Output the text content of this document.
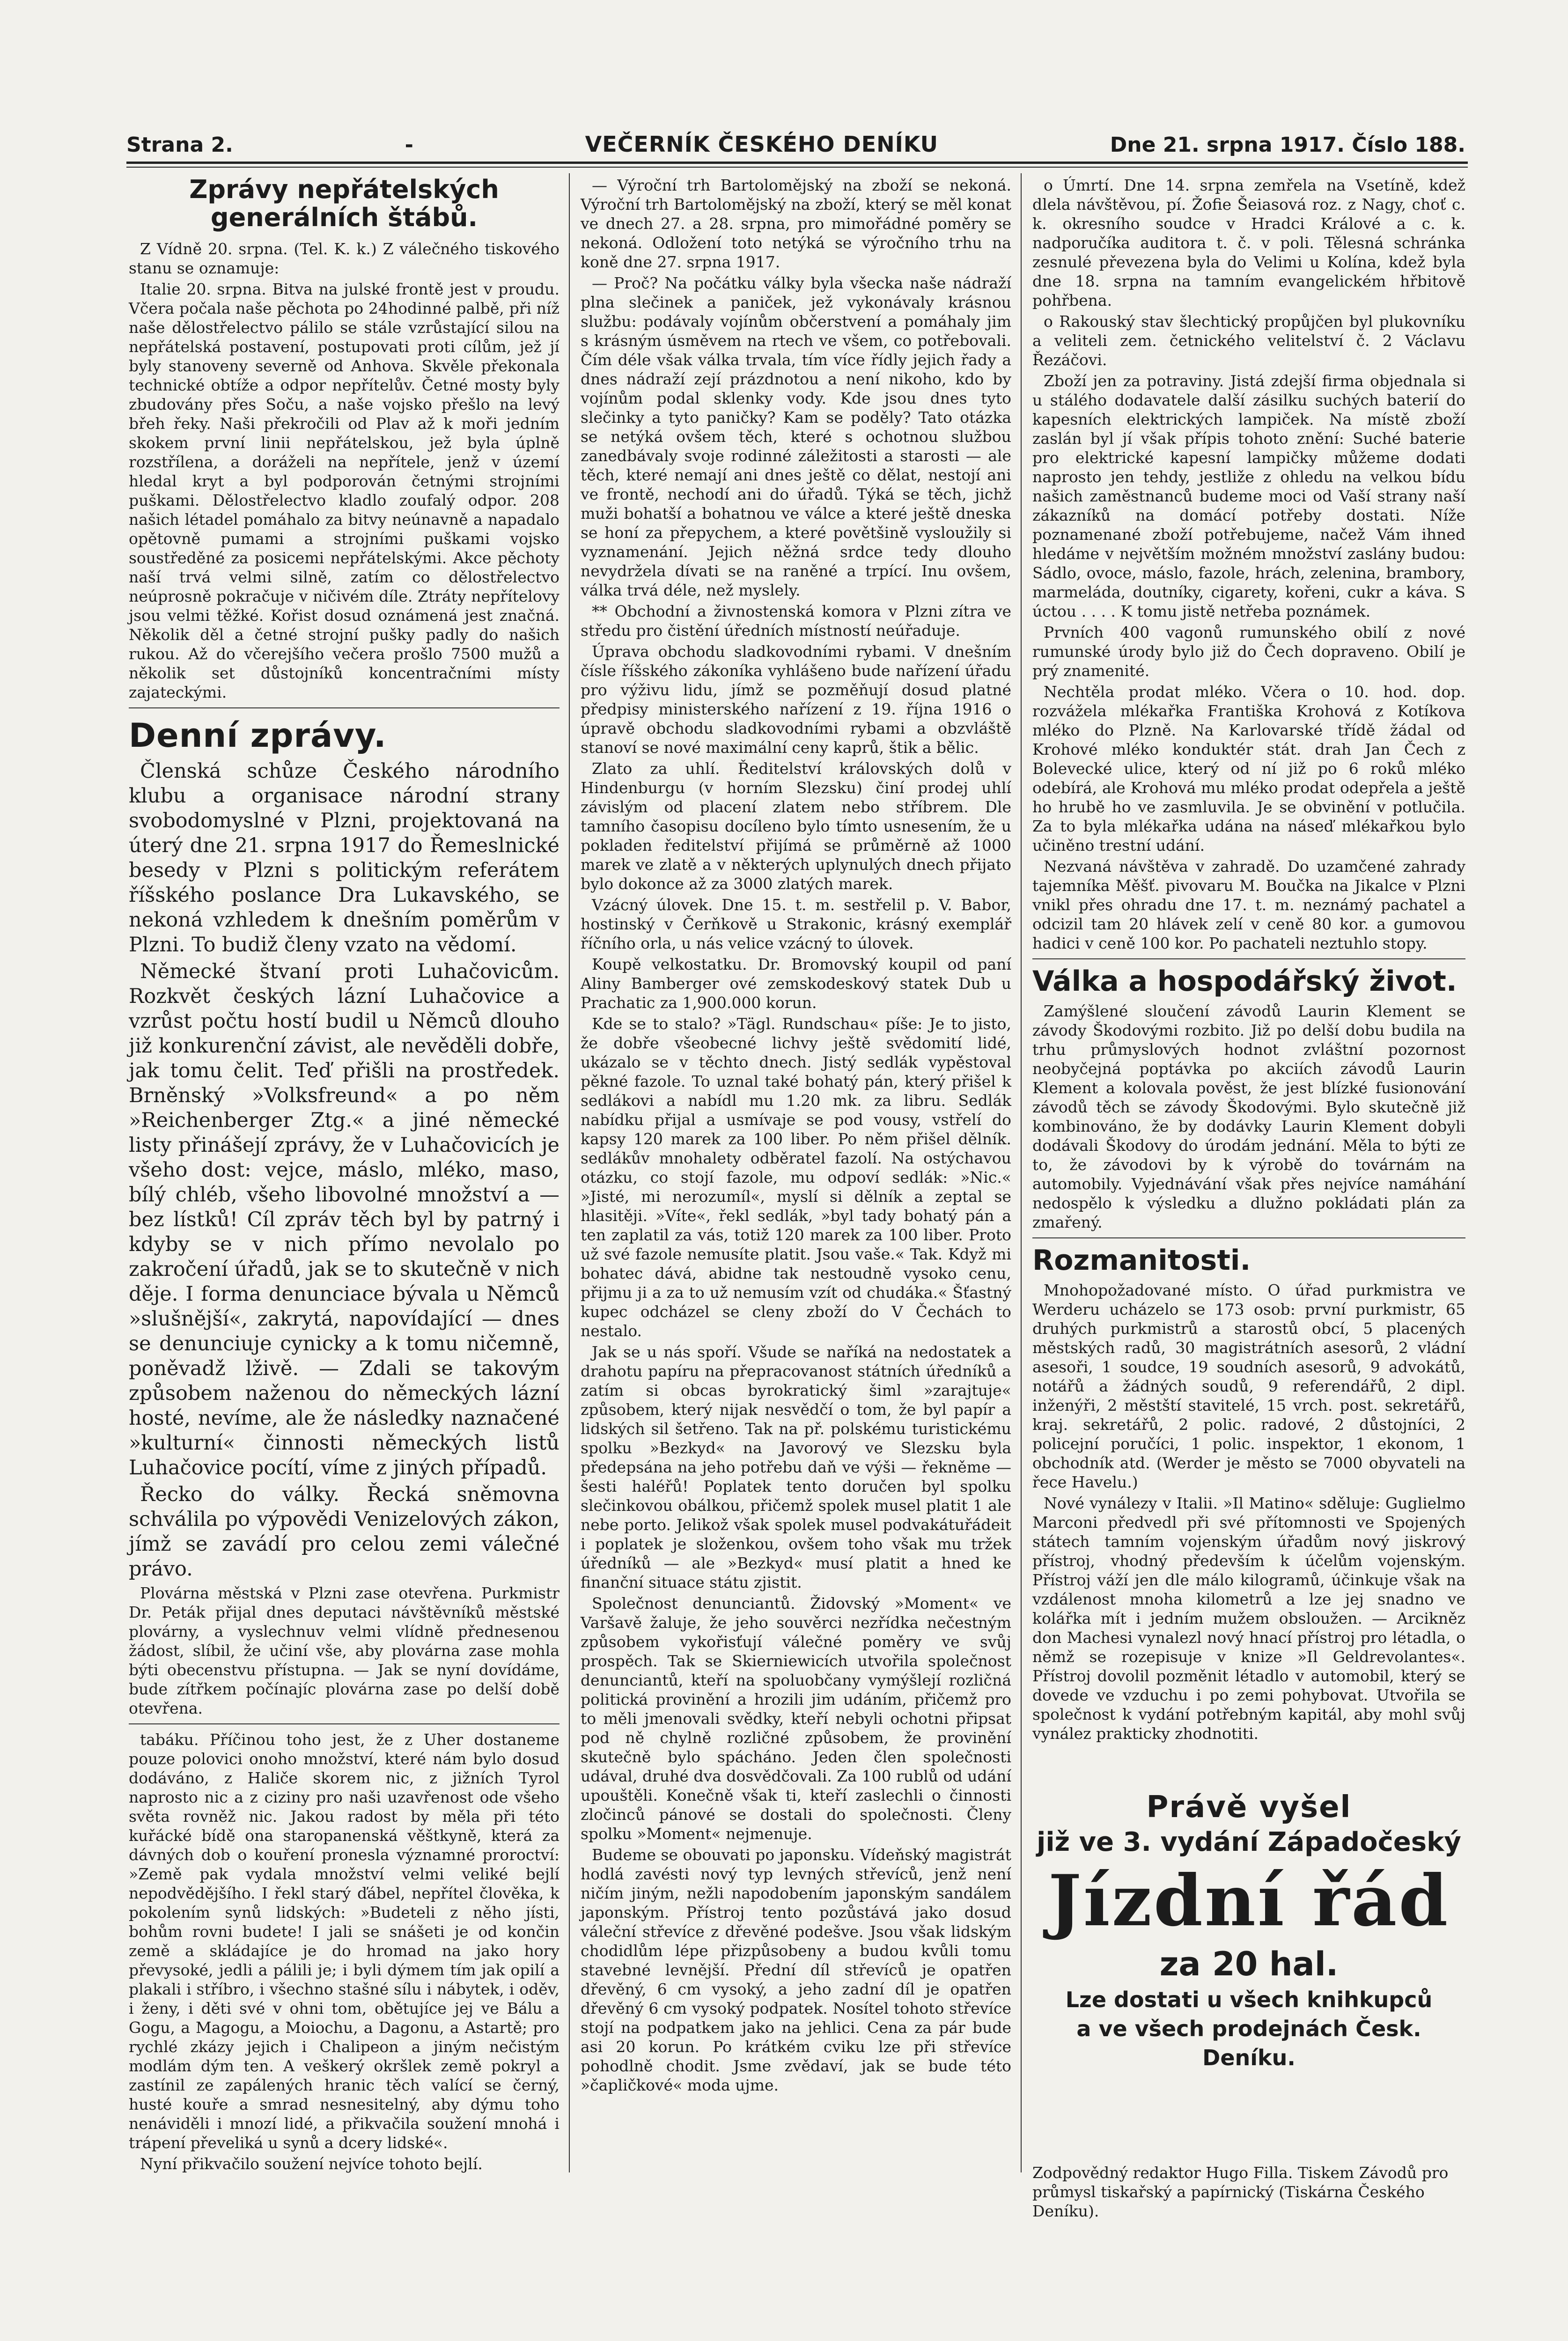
Strana 2.	-	VEČERNÍK ČESKÉHO DENÍKU	Dne 21. srpna 1917. Číslo 188.
Zprávy nepřátelských generálních štábů.

Z Vídně 20. srpna. (Tel. K. k.) Z válečného tiskového stanu se oznamuje:

Italie 20. srpna. Bitva na julské frontě jest v proudu. Včera počala naše pěchota po 24hodinné palbě, při níž naše dělostřelectvo pálilo se stále vzrůstající silou na nepřátelská postavení, postupovati proti cílům, jež jí byly stanoveny severně od Anhova. Skvěle překonala technické obtíže a odpor nepřítelův. Četné mosty byly zbudovány přes Soču, a naše vojsko přešlo na levý břeh řeky. Naši překročili od Plav až k moři jedním skokem první linii nepřátelskou, jež byla úplně rozstřílena, a doráželi na nepřítele, jenž v území hledal kryt a byl podporován četnými strojními puškami. Dělostřelectvo kladlo zoufalý odpor. 208 našich létadel pomáhalo za bitvy neúnavně a napadalo opětovně pumami a strojními puškami vojsko soustředěné za posicemi nepřátelskými. Akce pěchoty naší trvá velmi silně, zatím co dělostřelectvo neúprosně pokračuje v ničivém díle. Ztráty nepřítelovy jsou velmi těžké. Kořist dosud oznámená jest značná. Několik děl a četné strojní pušky padly do našich rukou. Až do včerejšího večera prošlo 7500 mužů a několik set důstojníků koncentračními místy zajateckými.

Denní zprávy.

Členská schůze Českého národního klubu a organisace národní strany svobodomyslné v Plzni, projektovaná na úterý dne 21. srpna 1917 do Řemeslnické besedy v Plzni s politickým referátem říšského poslance Dra Lukavského, se nekoná vzhledem k dnešním poměrům v Plzni. To budiž členy vzato na vědomí.

Německé štvaní proti Luhačovicům. Rozkvět českých lázní Luhačovice a vzrůst počtu hostí budil u Němců dlouho již konkurenční závist, ale nevěděli dobře, jak tomu čelit. Teď přišli na prostředek. Brněnský »Volksfreund« a po něm »Reichenberger Ztg.« a jiné německé listy přinášejí zprávy, že v Luhačovicích je všeho dost: vejce, máslo, mléko, maso, bílý chléb, všeho libovolné množství a — bez lístků! Cíl zpráv těch byl by patrný i kdyby se v nich přímo nevolalo po zakročení úřadů, jak se to skutečně v nich děje. I forma denunciace bývala u Němců »slušnější«, zakrytá, napovídající — dnes se denunciuje cynicky a k tomu ničemně, poněvadž lživě. — Zdali se takovým způsobem naženou do německých lázní hosté, nevíme, ale že následky naznačené »kulturní« činnosti německých listů Luhačovice pocítí, víme z jiných případů.

Řecko do války. Řecká sněmovna schválila po výpovědi Venizelových zákon, jímž se zavádí pro celou zemi válečné právo.

Plovárna městská v Plzni zase otevřena. Purkmistr Dr. Peták přijal dnes deputaci návštěvníků městské plovárny, a vyslechnuv velmi vlídně přednesenou žádost, slíbil, že učiní vše, aby plovárna zase mohla býti obecenstvu přístupna. — Jak se nyní dovídáme, bude zítřkem počínajíc plovárna zase po delší době otevřena.

tabáku. Příčinou toho jest, že z Uher dostaneme pouze polovici onoho množství, které nám bylo dosud dodáváno, z Haliče skorem nic, z jižních Tyrol naprosto nic a z ciziny pro naši uzavřenost ode všeho světa rovněž nic. Jakou radost by měla při této kuřácké bídě ona staropanenská věštkyně, která za dávných dob o kouření pronesla významné proroctví: »Země pak vydala množství velmi veliké bejlí nepodvědějšího. I řekl starý ďábel, nepřítel člověka, k pokolením synů lidských: »Budeteli z něho jísti, bohům rovni budete! I jali se snášeti je od končin země a skládajíce je do hromad na jako hory převysoké, jedli a pálili je; i byli dýmem tím jak opilí a plakali i stříbro, i všechno stašné sílu i nábytek, i oděv, i ženy, i děti své v ohni tom, obětujíce jej ve Bálu a Gogu, a Magogu, a Moiochu, a Dagonu, a Astartě; pro rychlé zkázy jejich i Chalipeon a jiným nečistým modlám dým ten. A veškerý okršlek země pokryl a zastínil ze zapálených hranic těch valící se černý, husté kouře a smrad nesnesitelný, aby dýmu toho nenáviděli i mnozí lidé, a přikvačila soužení mnohá i trápení převeliká u synů a dcery lidské«.

Nyní přikvačilo soužení nejvíce tohoto bejlí.

— Výroční trh Bartolomějský na zboží se nekoná. Výroční trh Bartolomějský na zboží, který se měl konat ve dnech 27. a 28. srpna, pro mimořádné poměry se nekoná. Odložení toto netýká se výročního trhu na koně dne 27. srpna 1917.

— Proč? Na počátku války byla všecka naše nádraží plna slečinek a paniček, jež vykonávaly krásnou službu: podávaly vojínům občerstvení a pomáhaly jim s krásným úsměvem na rtech ve všem, co potřebovali. Čím déle však válka trvala, tím více řídly jejich řady a dnes nádraží zejí prázdnotou a není nikoho, kdo by vojínům podal sklenky vody. Kde jsou dnes tyto slečinky a tyto paničky? Kam se poděly? Tato otázka se netýká ovšem těch, které s ochotnou službou zanedbávaly svoje rodinné záležitosti a starosti — ale těch, které nemají ani dnes ještě co dělat, nestojí ani ve frontě, nechodí ani do úřadů. Týká se těch, jichž muži bohatší a bohatnou ve válce a které ještě dneska se honí za přepychem, a které povětšině vysloužily si vyznamenání. Jejich něžná srdce tedy dlouho nevydržela dívati se na raněné a trpící. Inu ovšem, válka trvá déle, než myslely.

** Obchodní a živnostenská komora v Plzni zítra ve středu pro čistění úředních místností neúřaduje.

Úprava obchodu sladkovodními rybami. V dnešním čísle říšského zákoníka vyhlášeno bude nařízení úřadu pro výživu lidu, jímž se pozměňují dosud platné předpisy ministerského nařízení z 19. října 1916 o úpravě obchodu sladkovodními rybami a obzvláště stanoví se nové maximální ceny kaprů, štik a bělic.

Zlato za uhlí. Ředitelství královských dolů v Hindenburgu (v horním Slezsku) činí prodej uhlí závislým od placení zlatem nebo stříbrem. Dle tamního časopisu docíleno bylo tímto usnesením, že u pokladen ředitelství přijímá se průměrně až 1000 marek ve zlatě a v některých uplynulých dnech přijato bylo dokonce až za 3000 zlatých marek.

Vzácný úlovek. Dne 15. t. m. sestřelil p. V. Babor, hostinský v Čerňkově u Strakonic, krásný exemplář říčního orla, u nás velice vzácný to úlovek.

Koupě velkostatku. Dr. Bromovský koupil od paní Aliny Bamberger ové zemskodeskový statek Dub u Prachatic za 1,900.000 korun.

Kde se to stalo? »Tägl. Rundschau« píše: Je to jisto, že dobře všeobecné lichvy ještě svědomití lidé, ukázalo se v těchto dnech. Jistý sedlák vypěstoval pěkné fazole. To uznal také bohatý pán, který přišel k sedlákovi a nabídl mu 1.20 mk. za libru. Sedlák nabídku přijal a usmívaje se pod vousy, vstřelí do kapsy 120 marek za 100 liber. Po něm přišel dělník. sedlákův mnohalety odběratel fazolí. Na ostýchavou otázku, co stojí fazole, mu odpoví sedlák: »Nic.« »Jisté, mi nerozumíl«, myslí si dělník a zeptal se hlasitěji. »Víte«, řekl sedlák, »byl tady bohatý pán a ten zaplatil za vás, totiž 120 marek za 100 liber. Proto už své fazole nemusíte platit. Jsou vaše.« Tak. Když mi bohatec dává, abidne tak nestoudně vysoko cenu, přijmu ji a za to už nemusím vzít od chudáka.« Šťastný kupec odcházel se cleny zboží do V Čechách to nestalo.

Jak se u nás spoří. Všude se naříká na nedostatek a drahotu papíru na přepracovanost státních úředníků a zatím si obcas byrokratický šiml »zarajtuje« způsobem, který nijak nesvědčí o tom, že byl papír a lidských sil šetřeno. Tak na př. polskému turistickému spolku »Bezkyd« na Javorový ve Slezsku byla předepsána na jeho potřebu daň ve výši — řekněme — šesti haléřů! Poplatek tento doručen byl spolku slečinkovou obálkou, přičemž spolek musel platit 1 ale nebe porto. Jelikož však spolek musel podvakátuřádeit i poplatek je složenkou, ovšem toho však mu tržek úředníků — ale »Bezkyd« musí platit a hned ke finanční situace státu zjistit.

Společnost denunciantů. Židovský »Moment« ve Varšavě žaluje, že jeho souvěrci nezřídka nečestným způsobem vykořisťují válečné poměry ve svůj prospěch. Tak se Skierniewicích utvořila společnost denunciantů, kteří na spoluobčany vymýšlejí rozličná politická provinění a hrozili jim udáním, přičemž pro to měli jmenovali svědky, kteří nebyli ochotni připsat pod ně chylně rozličné způsobem, že provinění skutečně bylo spácháno. Jeden člen společnosti udával, druhé dva dosvědčovali. Za 100 rublů od udání upouštěli. Konečně však ti, kteří zaslechli o činnosti zločinců pánové se dostali do společnosti. Členy spolku »Moment« nejmenuje.

Budeme se obouvati po japonsku. Vídeňský magistrát hodlá zavésti nový typ levných střevíců, jenž není ničím jiným, nežli napodobením japonským sandálem japonským. Přístroj tento pozůstává jako dosud váleční střevíce z dřevěné podešve. Jsou však lidským chodidlům lépe přizpůsobeny a budou kvůli tomu stavebné levnější. Přední díl střevíců je opatřen dřevěný, 6 cm vysoký, a jeho zadní díl je opatřen dřevěný 6 cm vysoký podpatek. Nosítel tohoto střevíce stojí na podpatkem jako na jehlici. Cena za pár bude asi 20 korun. Po krátkém cviku lze při střevíce pohodlně chodit. Jsme zvědaví, jak se bude této »čapličkové« moda ujme.

o Úmrtí. Dne 14. srpna zemřela na Vsetíně, kdež dlela návštěvou, pí. Žofie Šeiasová roz. z Nagy, choť c. k. okresního soudce v Hradci Králové a c. k. nadporučíka auditora t. č. v poli. Tělesná schránka zesnulé převezena byla do Velimi u Kolína, kdež byla dne 18. srpna na tamním evangelickém hřbitově pohřbena.

o Rakouský stav šlechtický propůjčen byl plukovníku a veliteli zem. četnického velitelství č. 2 Václavu Řezáčovi.

Zboží jen za potraviny. Jistá zdejší firma objednala si u stálého dodavatele další zásilku suchých baterií do kapesních elektrických lampiček. Na místě zboží zaslán byl jí však přípis tohoto znění: Suché baterie pro elektrické kapesní lampičky můžeme dodati naprosto jen tehdy, jestliže z ohledu na velkou bídu našich zaměstnanců budeme moci od Vaší strany naší zákazníků na domácí potřeby dostati. Níže poznamenané zboží potřebujeme, načež Vám ihned hledáme v největším možném množství zaslány budou: Sádlo, ovoce, máslo, fazole, hrách, zelenina, brambory, marmeláda, doutníky, cigarety, kořeni, cukr a káva. S úctou . . . . K tomu jistě netřeba poznámek.

Prvních 400 vagonů rumunského obilí z nové rumunské úrody bylo již do Čech dopraveno. Obilí je prý znamenité.

Nechtěla prodat mléko. Včera o 10. hod. dop. rozvážela mlékařka Františka Krohová z Kotíkova mléko do Plzně. Na Karlovarské třídě žádal od Krohové mléko konduktér stát. drah Jan Čech z Bolevecké ulice, který od ní již po 6 roků mléko odebírá, ale Krohová mu mléko prodat odepřela a ještě ho hrubě ho ve zasmluvila. Je se obvinění v potlučila. Za to byla mlékařka udána na náseď mlékařkou bylo učiněno trestní udání.

Nezvaná návštěva v zahradě. Do uzamčené zahrady tajemníka Měšť. pivovaru M. Boučka na Jikalce v Plzni vnikl přes ohradu dne 17. t. m. neznámý pachatel a odcizil tam 20 hlávek zelí v ceně 80 kor. a gumovou hadici v ceně 100 kor. Po pachateli neztuhlo stopy.

Válka a hospodářský život.

Zamýšlené sloučení závodů Laurin Klement se závody Škodovými rozbito. Již po delší dobu budila na trhu průmyslových hodnot zvláštní pozornost neobyčejná poptávka po akciích závodů Laurin Klement a kolovala pověst, že jest blízké fusionování závodů těch se závody Škodovými. Bylo skutečně již kombinováno, že by dodávky Laurin Klement dobyli dodávali Škodovy do úrodám jednání. Měla to býti ze to, že závodovi by k výrobě do továrnám na automobily. Vyjednávání však přes nejvíce namáhání nedospělo k výsledku a dlužno pokládati plán za zmařený.

Rozmanitosti.

Mnohopožadované místo. O úřad purkmistra ve Werderu ucházelo se 173 osob: první purkmistr, 65 druhých purkmistrů a starostů obcí, 5 placených městských radů, 30 magistrátních asesorů, 2 vládní asesoři, 1 soudce, 19 soudních asesorů, 9 advokátů, notářů a žádných soudů, 9 referendářů, 2 dipl. inženýři, 2 městští stavitelé, 15 vrch. post. sekretářů, kraj. sekretářů, 2 polic. radové, 2 důstojníci, 2 policejní poručíci, 1 polic. inspektor, 1 ekonom, 1 obchodník atd. (Werder je město se 7000 obyvateli na řece Havelu.)

Nové vynálezy v Italii. »Il Matino« sděluje: Guglielmo Marconi předvedl při své přítomnosti ve Spojených státech tamním vojenským úřadům nový jiskrový přístroj, vhodný především k účelům vojenským. Přístroj váží jen dle málo kilogramů, účinkuje však na vzdálenost mnoha kilometrů a lze jej snadno ve kolářka mít i jedním mužem obsloužen. — Arcikněz don Machesi vynalezl nový hnací přístroj pro létadla, o němž se rozepisuje v knize »Il Geldrevolantes«. Přístroj dovolil pozměnit létadlo v automobil, který se dovede ve vzduchu i po zemi pohybovat. Utvořila se společnost k vydání potřebným kapitál, aby mohl svůj vynález prakticky zhodnotiti.

Právě vyšel
již ve 3. vydání Západočeský
Jízdní řád
za 20 hal.
Lze dostati u všech knihkupců
a ve všech prodejnách Česk. Deníku.
Zodpovědný redaktor Hugo Filla. Tiskem Závodů pro průmysl tiskařský a papírnický (Tiskárna Českého Deníku).
